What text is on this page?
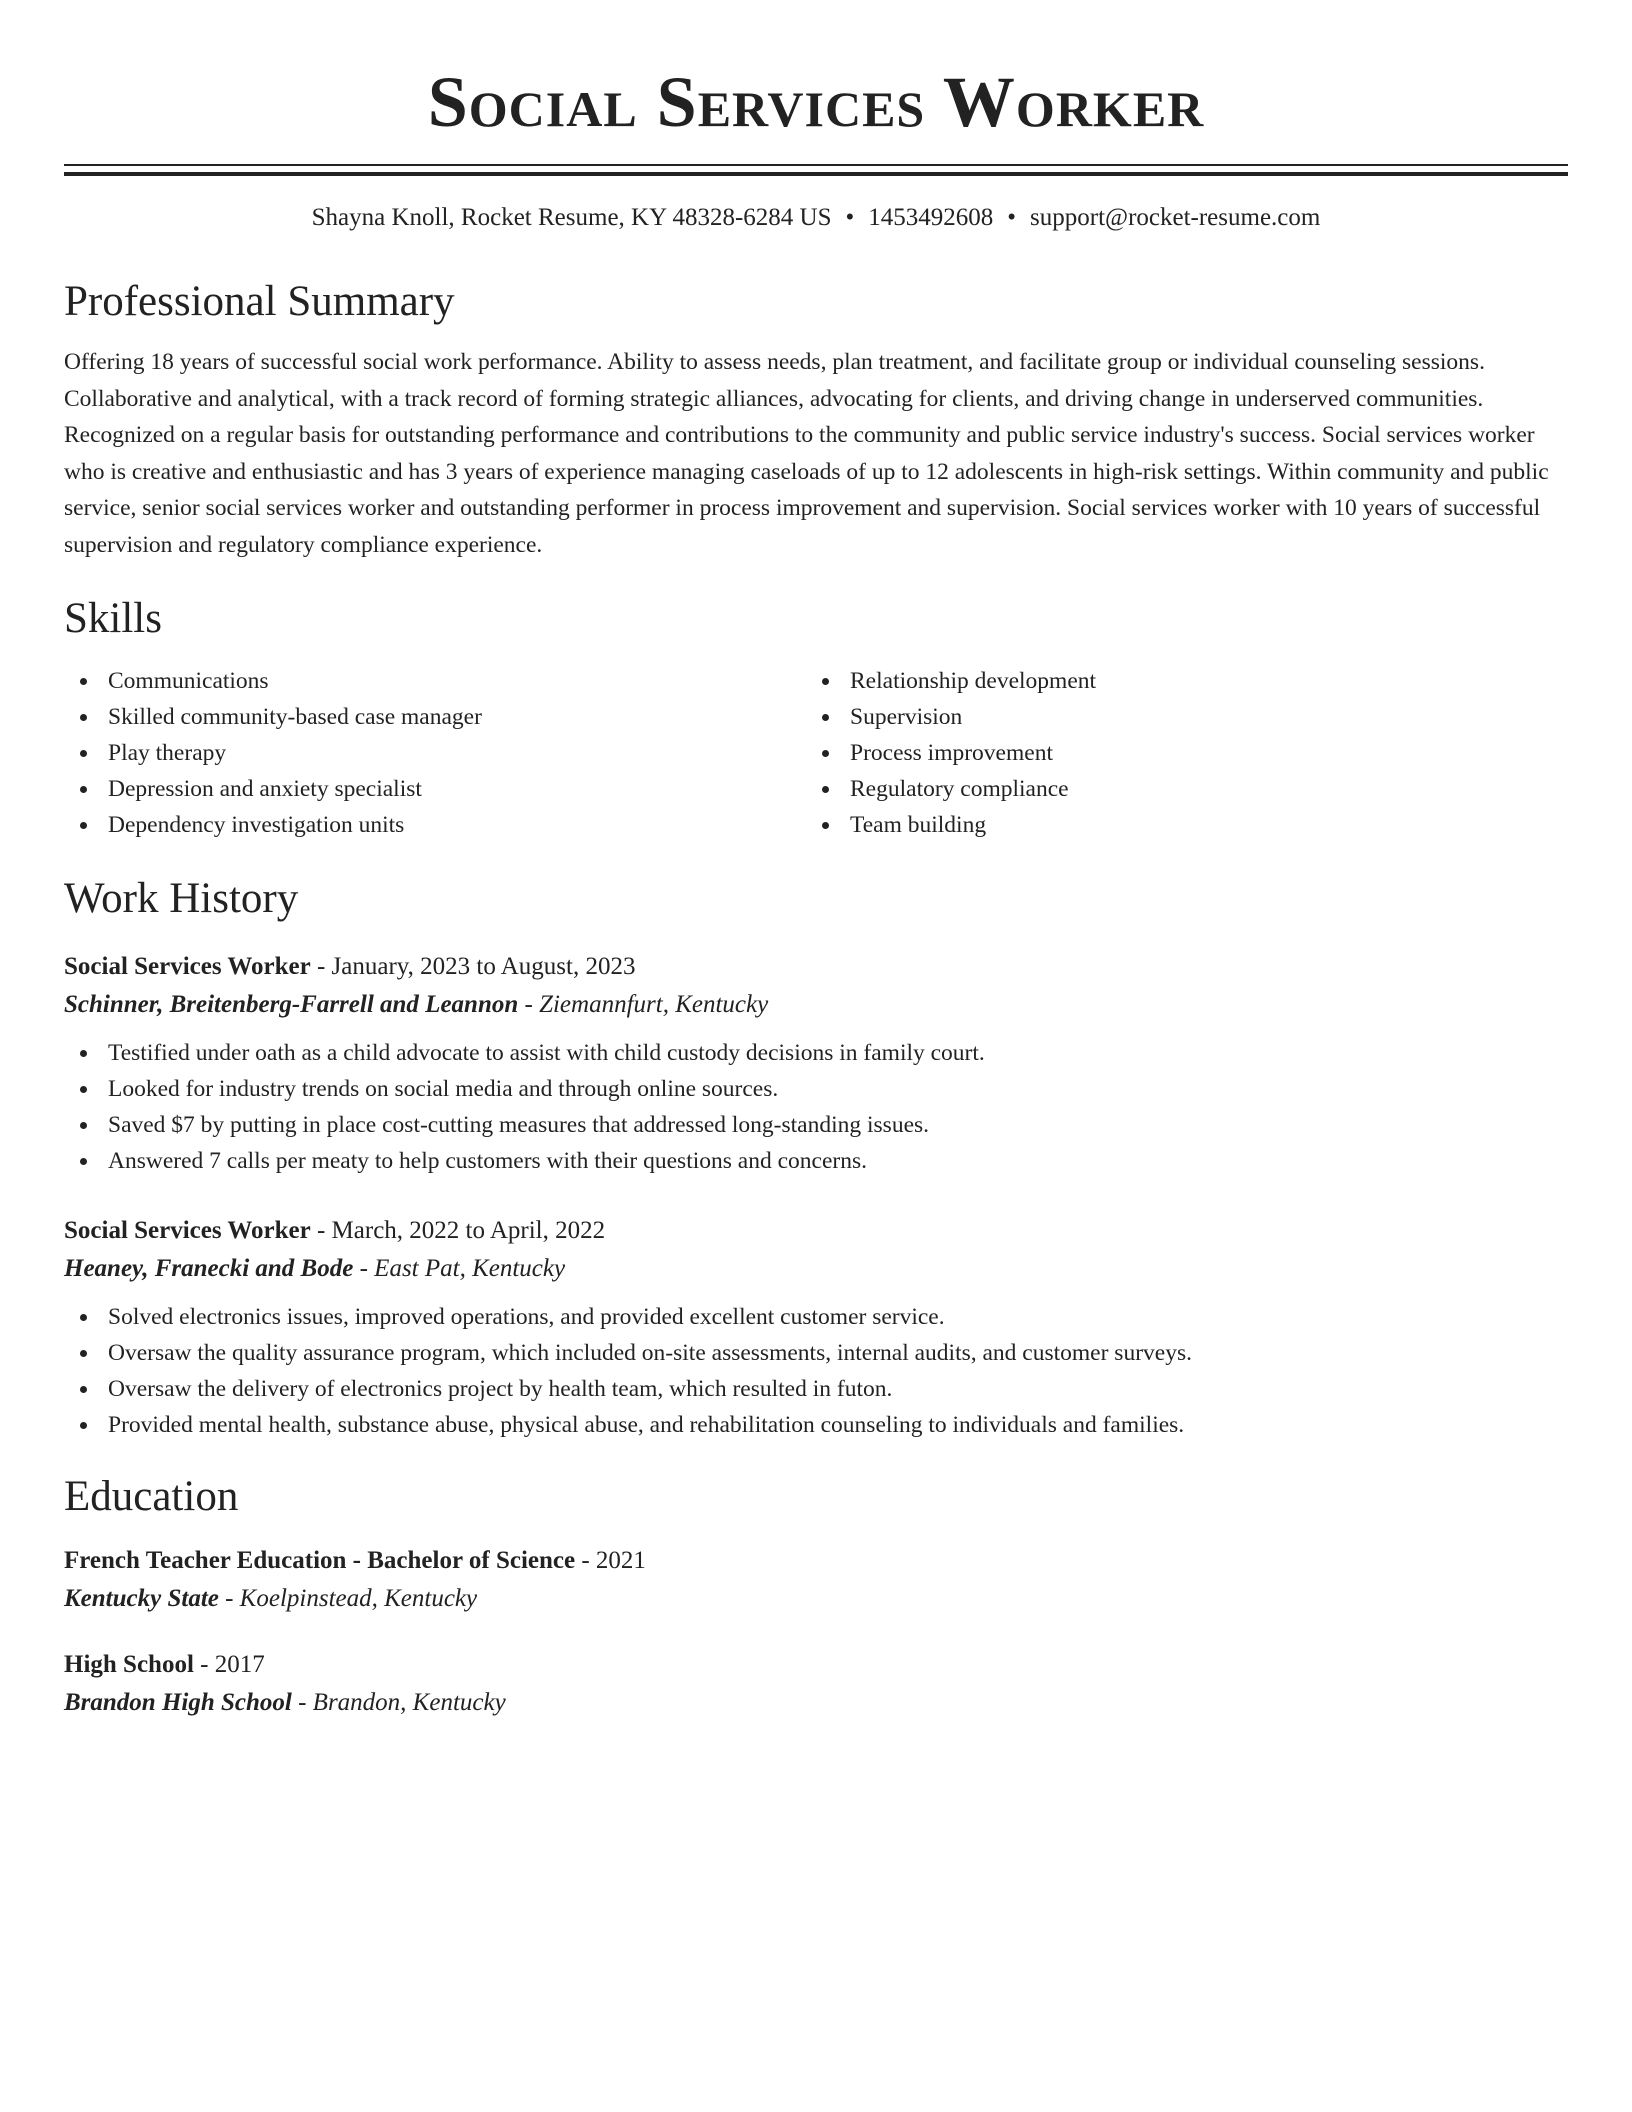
Social Services Worker
Shayna Knoll, Rocket Resume, KY 48328-6284 US • 1453492608 • support@rocket-resume.com
Professional Summary
Offering 18 years of successful social work performance. Ability to assess needs, plan treatment, and facilitate group or individual counseling sessions. Collaborative and analytical, with a track record of forming strategic alliances, advocating for clients, and driving change in underserved communities. Recognized on a regular basis for outstanding performance and contributions to the community and public service industry's success. Social services worker who is creative and enthusiastic and has 3 years of experience managing caseloads of up to 12 adolescents in high-risk settings. Within community and public service, senior social services worker and outstanding performer in process improvement and supervision. Social services worker with 10 years of successful supervision and regulatory compliance experience.
Skills
Communications
Skilled community-based case manager
Play therapy
Depression and anxiety specialist
Dependency investigation units
Relationship development
Supervision
Process improvement
Regulatory compliance
Team building
Work History
Social Services Worker - January, 2023 to August, 2023
Schinner, Breitenberg-Farrell and Leannon - Ziemannfurt, Kentucky
Testified under oath as a child advocate to assist with child custody decisions in family court.
Looked for industry trends on social media and through online sources.
Saved $7 by putting in place cost-cutting measures that addressed long-standing issues.
Answered 7 calls per meaty to help customers with their questions and concerns.
Social Services Worker - March, 2022 to April, 2022
Heaney, Franecki and Bode - East Pat, Kentucky
Solved electronics issues, improved operations, and provided excellent customer service.
Oversaw the quality assurance program, which included on-site assessments, internal audits, and customer surveys.
Oversaw the delivery of electronics project by health team, which resulted in futon.
Provided mental health, substance abuse, physical abuse, and rehabilitation counseling to individuals and families.
Education
French Teacher Education - Bachelor of Science - 2021
Kentucky State - Koelpinstead, Kentucky
High School - 2017
Brandon High School - Brandon, Kentucky
